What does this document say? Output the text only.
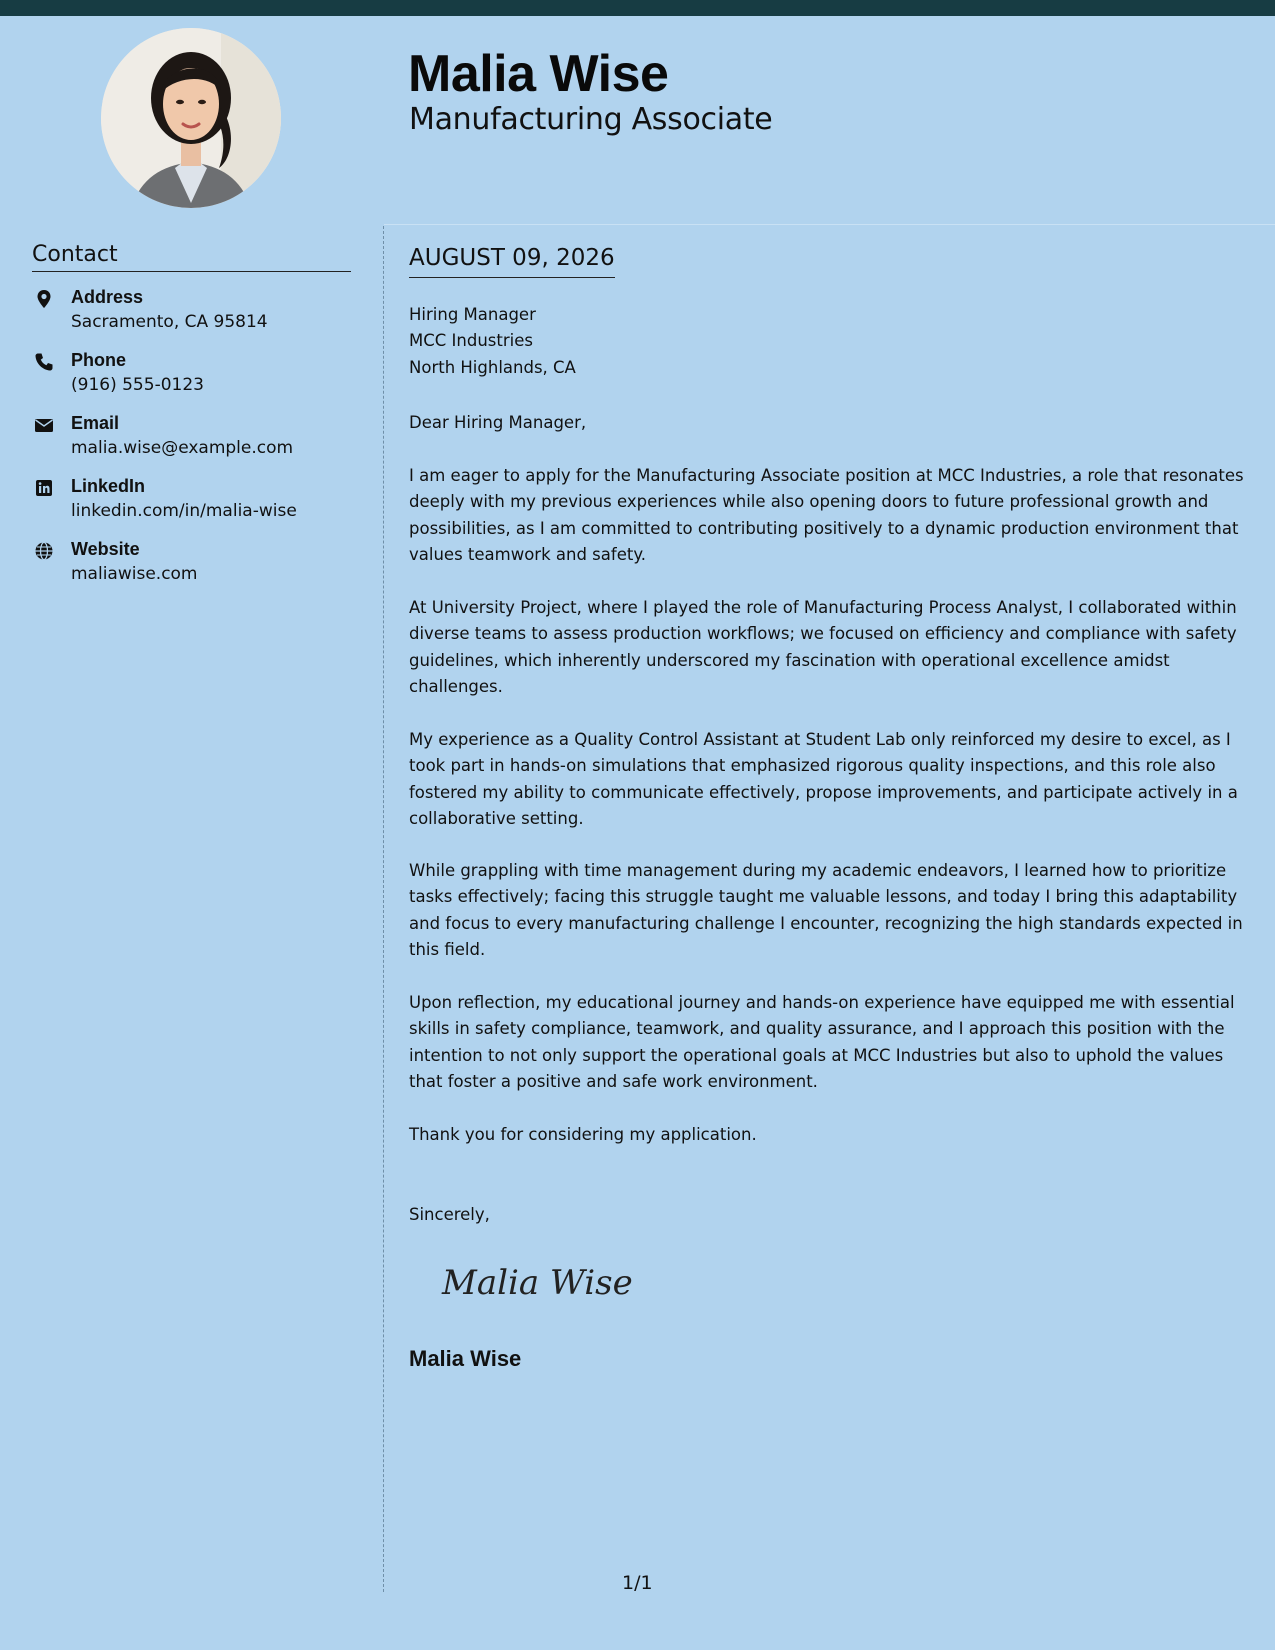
Malia Wise
Manufacturing Associate
Contact
Address
Sacramento, CA 95814
Phone
(916) 555-0123
Email
malia.wise@example.com
LinkedIn
linkedin.com/in/malia-wise
Website
maliawise.com
AUGUST 09, 2026
Hiring Manager
MCC Industries
North Highlands, CA
Dear Hiring Manager,
I am eager to apply for the Manufacturing Associate position at MCC Industries, a role that resonates deeply with my previous experiences while also opening doors to future professional growth and possibilities, as I am committed to contributing positively to a dynamic production environment that values teamwork and safety.
At University Project, where I played the role of Manufacturing Process Analyst, I collaborated within diverse teams to assess production workflows; we focused on efficiency and compliance with safety guidelines, which inherently underscored my fascination with operational excellence amidst challenges.
My experience as a Quality Control Assistant at Student Lab only reinforced my desire to excel, as I took part in hands-on simulations that emphasized rigorous quality inspections, and this role also fostered my ability to communicate effectively, propose improvements, and participate actively in a collaborative setting.
While grappling with time management during my academic endeavors, I learned how to prioritize tasks effectively; facing this struggle taught me valuable lessons, and today I bring this adaptability and focus to every manufacturing challenge I encounter, recognizing the high standards expected in this field.
Upon reflection, my educational journey and hands-on experience have equipped me with essential skills in safety compliance, teamwork, and quality assurance, and I approach this position with the intention to not only support the operational goals at MCC Industries but also to uphold the values that foster a positive and safe work environment.
Thank you for considering my application.
Sincerely,
Malia Wise
Malia Wise
1/1
